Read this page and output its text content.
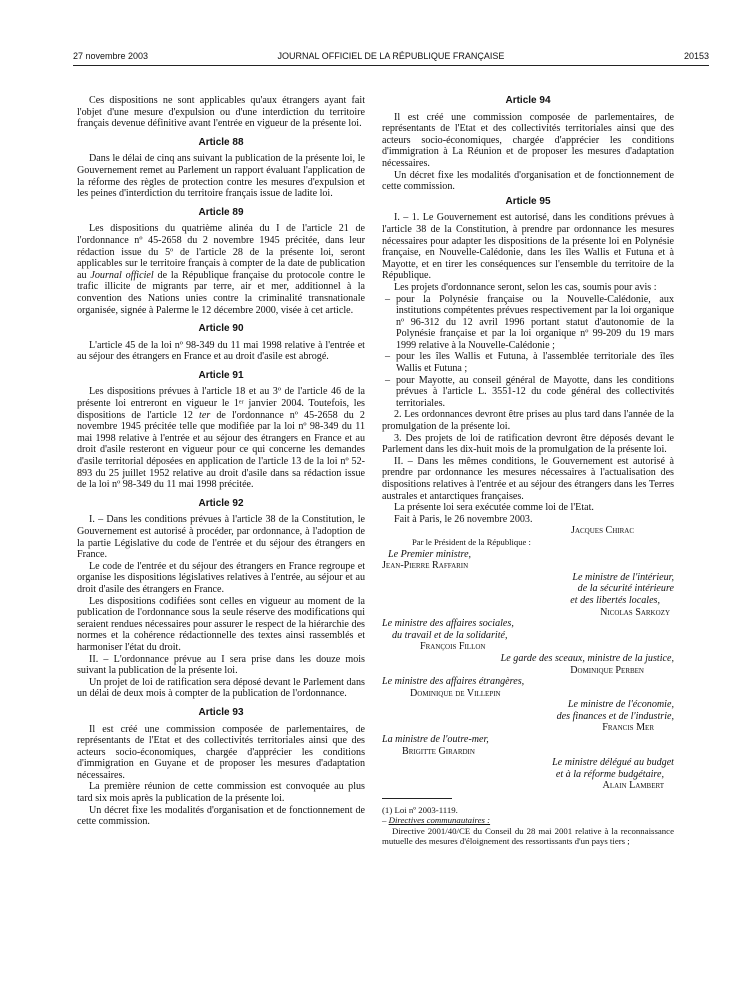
27 novembre 2003	JOURNAL OFFICIEL DE LA RÉPUBLIQUE FRANÇAISE	20153

Ces dispositions ne sont applicables qu'aux étrangers ayant fait l'objet d'une mesure d'expulsion ou d'une interdiction du territoire français devenue définitive avant l'entrée en vigueur de la présente loi.

Article 88

Dans le délai de cinq ans suivant la publication de la présente loi, le Gouvernement remet au Parlement un rapport évaluant l'application de la réforme des règles de protection contre les mesures d'expulsion et les peines d'interdiction du territoire français issue de ladite loi.

Article 89

Les dispositions du quatrième alinéa du I de l'article 21 de l'ordonnance nº 45-2658 du 2 novembre 1945 précitée, dans leur rédaction issue du 5º de l'article 28 de la présente loi, seront applicables sur le territoire français à compter de la date de publication au Journal officiel de la République française du protocole contre le trafic illicite de migrants par terre, air et mer, additionnel à la convention des Nations unies contre la criminalité transnationale organisée, signée à Palerme le 12 décembre 2000, visée à cet article.

Article 90

L'article 45 de la loi nº 98-349 du 11 mai 1998 relative à l'entrée et au séjour des étrangers en France et au droit d'asile est abrogé.

Article 91

Les dispositions prévues à l'article 18 et au 3º de l'article 46 de la présente loi entreront en vigueur le 1ᵉʳ janvier 2004. Toutefois, les dispositions de l'article 12 ter de l'ordonnance nº 45-2658 du 2 novembre 1945 précitée telle que modifiée par la loi nº 98-349 du 11 mai 1998 relative à l'entrée et au séjour des étrangers en France et au droit d'asile resteront en vigueur pour ce qui concerne les demandes d'asile territorial déposées en application de l'article 13 de la loi nº 52-893 du 25 juillet 1952 relative au droit d'asile dans sa rédaction issue de la loi nº 98-349 du 11 mai 1998 précitée.

Article 92

I. – Dans les conditions prévues à l'article 38 de la Constitution, le Gouvernement est autorisé à procéder, par ordonnance, à l'adoption de la partie Législative du code de l'entrée et du séjour des étrangers en France.

Le code de l'entrée et du séjour des étrangers en France regroupe et organise les dispositions législatives relatives à l'entrée, au séjour et au droit d'asile des étrangers en France.

Les dispositions codifiées sont celles en vigueur au moment de la publication de l'ordonnance sous la seule réserve des modifications qui seraient rendues nécessaires pour assurer le respect de la hiérarchie des normes et la cohérence rédactionnelle des textes ainsi rassemblés et harmoniser l'état du droit.

II. – L'ordonnance prévue au I sera prise dans les douze mois suivant la publication de la présente loi.

Un projet de loi de ratification sera déposé devant le Parlement dans un délai de deux mois à compter de la publication de l'ordonnance.

Article 93

Il est créé une commission composée de parlementaires, de représentants de l'Etat et des collectivités territoriales ainsi que des acteurs socio-économiques, chargée d'apprécier les conditions d'immigration en Guyane et de proposer les mesures d'adaptation nécessaires.

La première réunion de cette commission est convoquée au plus tard six mois après la publication de la présente loi.

Un décret fixe les modalités d'organisation et de fonctionnement de cette commission.

Article 94

Il est créé une commission composée de parlementaires, de représentants de l'Etat et des collectivités territoriales ainsi que des acteurs socio-économiques, chargée d'apprécier les conditions d'immigration à La Réunion et de proposer les mesures d'adaptation nécessaires.

Un décret fixe les modalités d'organisation et de fonctionnement de cette commission.

Article 95

I. – 1. Le Gouvernement est autorisé, dans les conditions prévues à l'article 38 de la Constitution, à prendre par ordonnance les mesures nécessaires pour adapter les dispositions de la présente loi en Polynésie française, en Nouvelle-Calédonie, dans les îles Wallis et Futuna et à Mayotte, et en tirer les conséquences sur l'ensemble du territoire de la République.

Les projets d'ordonnance seront, selon les cas, soumis pour avis :

– pour la Polynésie française ou la Nouvelle-Calédonie, aux institutions compétentes prévues respectivement par la loi organique nº 96-312 du 12 avril 1996 portant statut d'autonomie de la Polynésie française et par la loi organique nº 99-209 du 19 mars 1999 relative à la Nouvelle-Calédonie ;
– pour les îles Wallis et Futuna, à l'assemblée territoriale des îles Wallis et Futuna ;
– pour Mayotte, au conseil général de Mayotte, dans les conditions prévues à l'article L. 3551-12 du code général des collectivités territoriales.

2. Les ordonnances devront être prises au plus tard dans l'année de la promulgation de la présente loi.

3. Des projets de loi de ratification devront être déposés devant le Parlement dans les dix-huit mois de la promulgation de la présente loi.

II. – Dans les mêmes conditions, le Gouvernement est autorisé à prendre par ordonnance les mesures nécessaires à l'actualisation des dispositions relatives à l'entrée et au séjour des étrangers dans les Terres australes et antarctiques françaises.

La présente loi sera exécutée comme loi de l'Etat.

Fait à Paris, le 26 novembre 2003.

Jacques Chirac
Par le Président de la République :
Le Premier ministre,
Jean-Pierre Raffarin
Le ministre de l'intérieur,
de la sécurité intérieure
et des libertés locales,
Nicolas Sarkozy
Le ministre des affaires sociales,
du travail et de la solidarité,
François Fillon
Le garde des sceaux, ministre de la justice,
Dominique Perben
Le ministre des affaires étrangères,
Dominique de Villepin
Le ministre de l'économie,
des finances et de l'industrie,
Francis Mer
La ministre de l'outre-mer,
Brigitte Girardin
Le ministre délégué au budget
et à la réforme budgétaire,
Alain Lambert

(1) Loi nº 2003-1119.

– Directives communautaires :

Directive 2001/40/CE du Conseil du 28 mai 2001 relative à la reconnaissance mutuelle des mesures d'éloignement des ressortissants d'un pays tiers ;
